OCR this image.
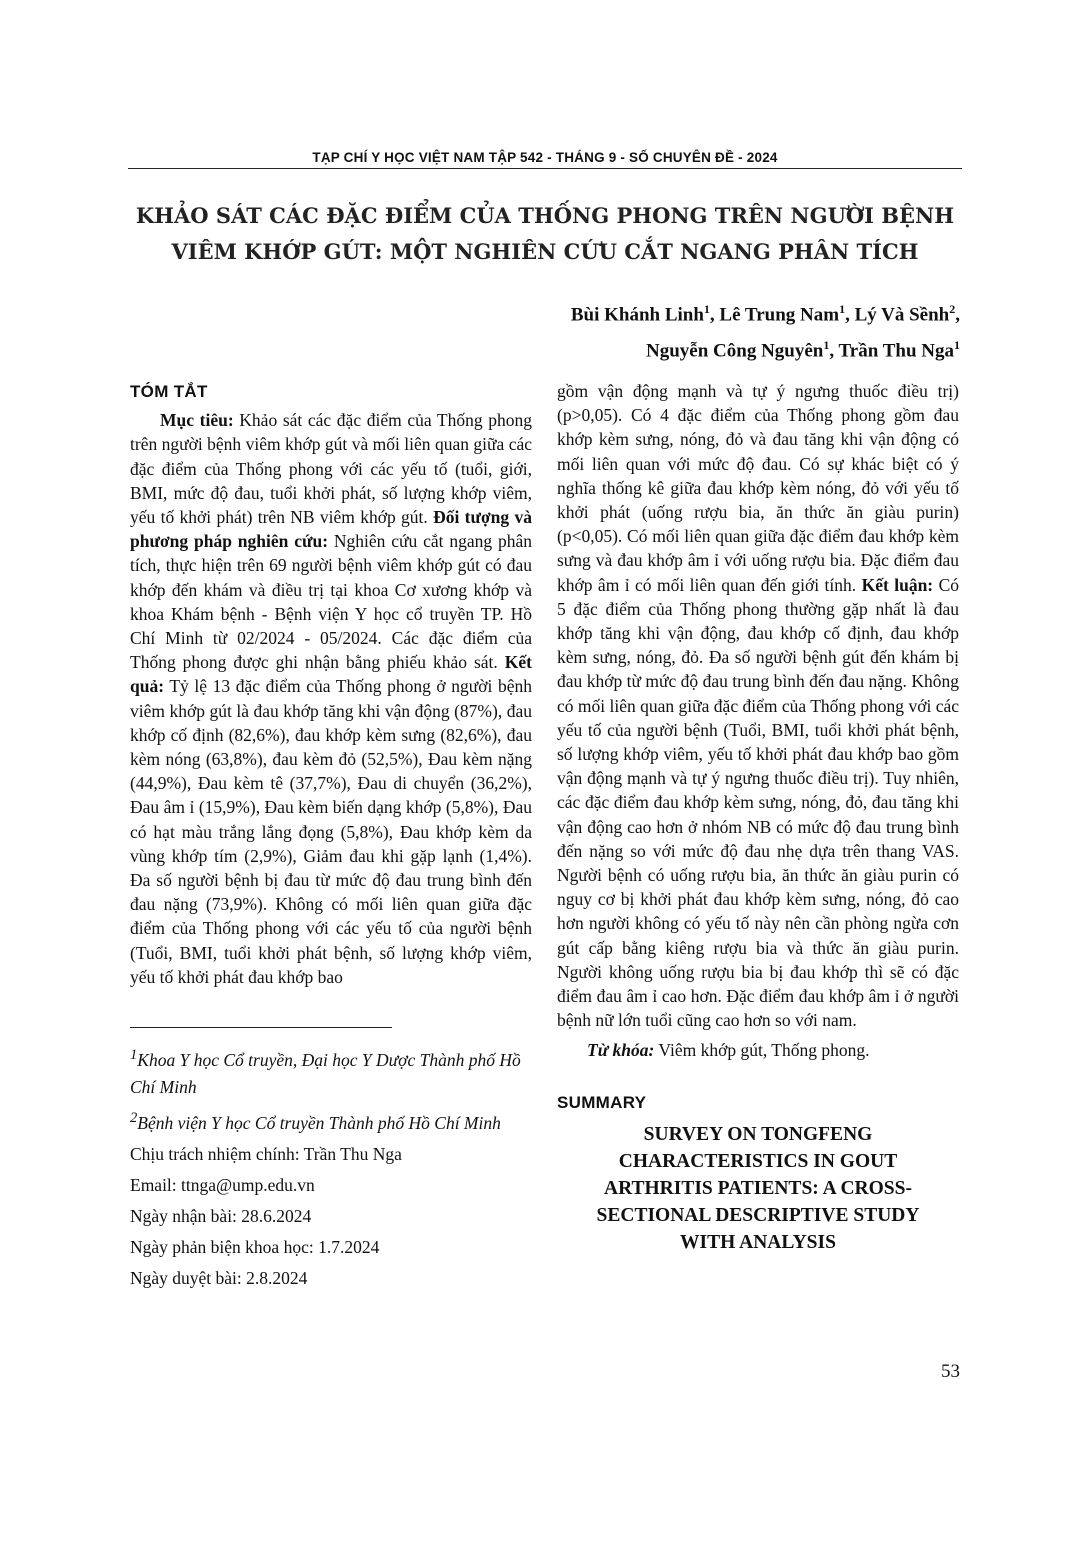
TẠP CHÍ Y HỌC VIỆT NAM TẬP 542 - THÁNG 9 - SỐ CHUYÊN ĐỀ - 2024
KHẢO SÁT CÁC ĐẶC ĐIỂM CỦA THỐNG PHONG TRÊN NGƯỜI BỆNH
VIÊM KHỚP GÚT: MỘT NGHIÊN CỨU CẮT NGANG PHÂN TÍCH
Bùi Khánh Linh$^1$, Lê Trung Nam$^1$, Lý Và Sềnh$^2$,
Nguyễn Công Nguyên$^1$, Trần Thu Nga$^1$
TÓM TẮT

Mục tiêu: Khảo sát các đặc điểm của Thống phong trên người bệnh viêm khớp gút và mối liên quan giữa các đặc điểm của Thống phong với các yếu tố (tuổi, giới, BMI, mức độ đau, tuổi khởi phát, số lượng khớp viêm, yếu tố khởi phát) trên NB viêm khớp gút. Đối tượng và phương pháp nghiên cứu: Nghiên cứu cắt ngang phân tích, thực hiện trên 69 người bệnh viêm khớp gút có đau khớp đến khám và điều trị tại khoa Cơ xương khớp và khoa Khám bệnh - Bệnh viện Y học cổ truyền TP. Hồ Chí Minh từ 02/2024 - 05/2024. Các đặc điểm của Thống phong được ghi nhận bằng phiếu khảo sát. Kết quả: Tỷ lệ 13 đặc điểm của Thống phong ở người bệnh viêm khớp gút là đau khớp tăng khi vận động (87%), đau khớp cố định (82,6%), đau khớp kèm sưng (82,6%), đau kèm nóng (63,8%), đau kèm đỏ (52,5%), Đau kèm nặng (44,9%), Đau kèm tê (37,7%), Đau di chuyển (36,2%), Đau âm ỉ (15,9%), Đau kèm biến dạng khớp (5,8%), Đau có hạt màu trắng lắng đọng (5,8%), Đau khớp kèm da vùng khớp tím (2,9%), Giảm đau khi gặp lạnh (1,4%). Đa số người bệnh bị đau từ mức độ đau trung bình đến đau nặng (73,9%). Không có mối liên quan giữa đặc điểm của Thống phong với các yếu tố của người bệnh (Tuổi, BMI, tuổi khởi phát bệnh, số lượng khớp viêm, yếu tố khởi phát đau khớp bao

$^1$Khoa Y học Cổ truyền, Đại học Y Dược Thành phố Hồ Chí Minh

$^2$Bệnh viện Y học Cổ truyền Thành phố Hồ Chí Minh

Chịu trách nhiệm chính: Trần Thu Nga

Email: ttnga@ump.edu.vn

Ngày nhận bài: 28.6.2024

Ngày phản biện khoa học: 1.7.2024

Ngày duyệt bài: 2.8.2024

gồm vận động mạnh và tự ý ngưng thuốc điều trị) (p>0,05). Có 4 đặc điểm của Thống phong gồm đau khớp kèm sưng, nóng, đỏ và đau tăng khi vận động có mối liên quan với mức độ đau. Có sự khác biệt có ý nghĩa thống kê giữa đau khớp kèm nóng, đỏ với yếu tố khởi phát (uống rượu bia, ăn thức ăn giàu purin) (p<0,05). Có mối liên quan giữa đặc điểm đau khớp kèm sưng và đau khớp âm ỉ với uống rượu bia. Đặc điểm đau khớp âm ỉ có mối liên quan đến giới tính. Kết luận: Có 5 đặc điểm của Thống phong thường gặp nhất là đau khớp tăng khi vận động, đau khớp cố định, đau khớp kèm sưng, nóng, đỏ. Đa số người bệnh gút đến khám bị đau khớp từ mức độ đau trung bình đến đau nặng. Không có mối liên quan giữa đặc điểm của Thống phong với các yếu tố của người bệnh (Tuổi, BMI, tuổi khởi phát bệnh, số lượng khớp viêm, yếu tố khởi phát đau khớp bao gồm vận động mạnh và tự ý ngưng thuốc điều trị). Tuy nhiên, các đặc điểm đau khớp kèm sưng, nóng, đỏ, đau tăng khi vận động cao hơn ở nhóm NB có mức độ đau trung bình đến nặng so với mức độ đau nhẹ dựa trên thang VAS. Người bệnh có uống rượu bia, ăn thức ăn giàu purin có nguy cơ bị khởi phát đau khớp kèm sưng, nóng, đỏ cao hơn người không có yếu tố này nên cần phòng ngừa cơn gút cấp bằng kiêng rượu bia và thức ăn giàu purin. Người không uống rượu bia bị đau khớp thì sẽ có đặc điểm đau âm ỉ cao hơn. Đặc điểm đau khớp âm ỉ ở người bệnh nữ lớn tuổi cũng cao hơn so với nam.

Từ khóa: Viêm khớp gút, Thống phong.

SUMMARY
SURVEY ON TONGFENG
CHARACTERISTICS IN GOUT
ARTHRITIS PATIENTS: A CROSS-
SECTIONAL DESCRIPTIVE STUDY
WITH ANALYSIS
53
